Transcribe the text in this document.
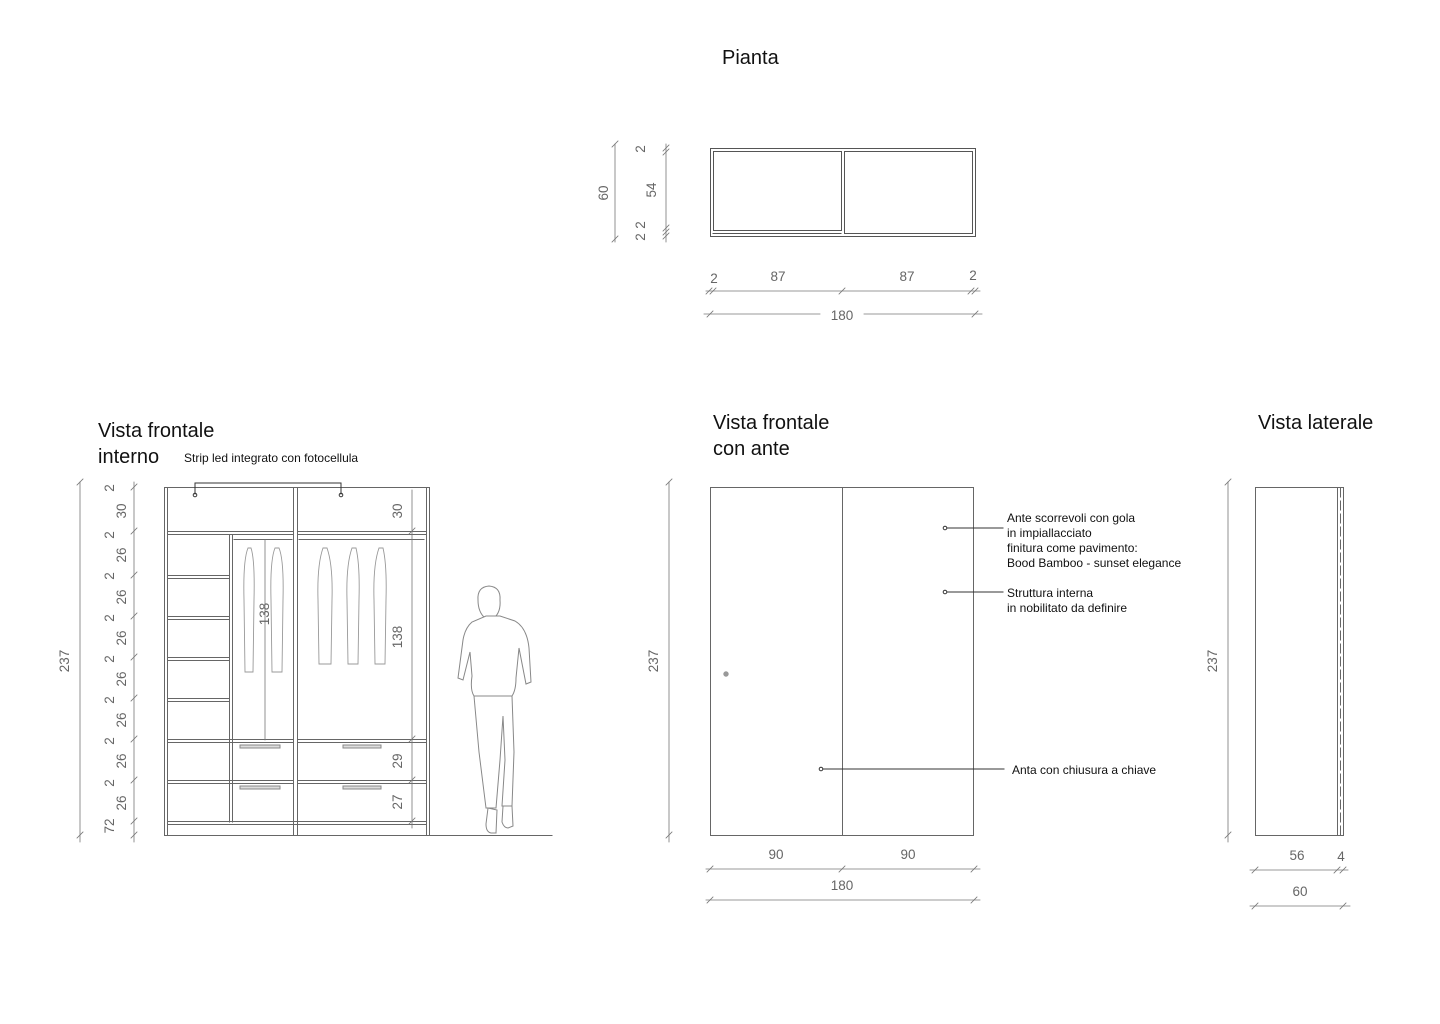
Pianta
Vista frontale
interno
Vista frontale
con ante
Vista laterale
Strip led integrato con fotocellula
Ante scorrevoli con gola
in impiallacciato
finitura come pavimento:
Bood Bamboo - sunset elegance
Struttura interna
in nobilitato da definire
Anta con chiusura a chiave
60
2
54
2
2
2	87	87	2
180
237
2
30
2
26
2
26
2
26
2
26
2
26
2
26
2
26
72
138
30
138
29
27
237
90	90
180
237
56 4
60
